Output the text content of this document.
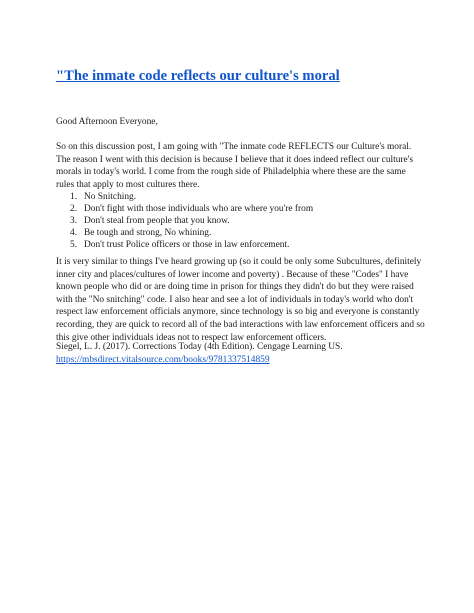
"The inmate code reflects our culture's moral

Good Afternoon Everyone,

So on this discussion post, I am going with "The inmate code REFLECTS our Culture's moral. The reason I went with this decision is because I believe that it does indeed reflect our culture's morals in today's world. I come from the rough side of Philadelphia where these are the same rules that apply to most cultures there.

1. No Snitching.
2. Don't fight with those individuals who are where you're from
3. Don't steal from people that you know.
4. Be tough and strong, No whining.
5. Don't trust Police officers or those in law enforcement.

It is very similar to things I've heard growing up (so it could be only some Subcultures, definitely inner city and places/cultures of lower income and poverty) . Because of these "Codes" I have known people who did or are doing time in prison for things they didn't do but they were raised with the "No snitching" code. I also hear and see a lot of individuals in today's world who don't respect law enforcement officials anymore, since technology is so big and everyone is constantly recording, they are quick to record all of the bad interactions with law enforcement officers and so this give other individuals ideas not to respect law enforcement officers.

Siegel, L. J. (2017). Corrections Today (4th Edition). Cengage Learning US.
https://mbsdirect.vitalsource.com/books/9781337514859
